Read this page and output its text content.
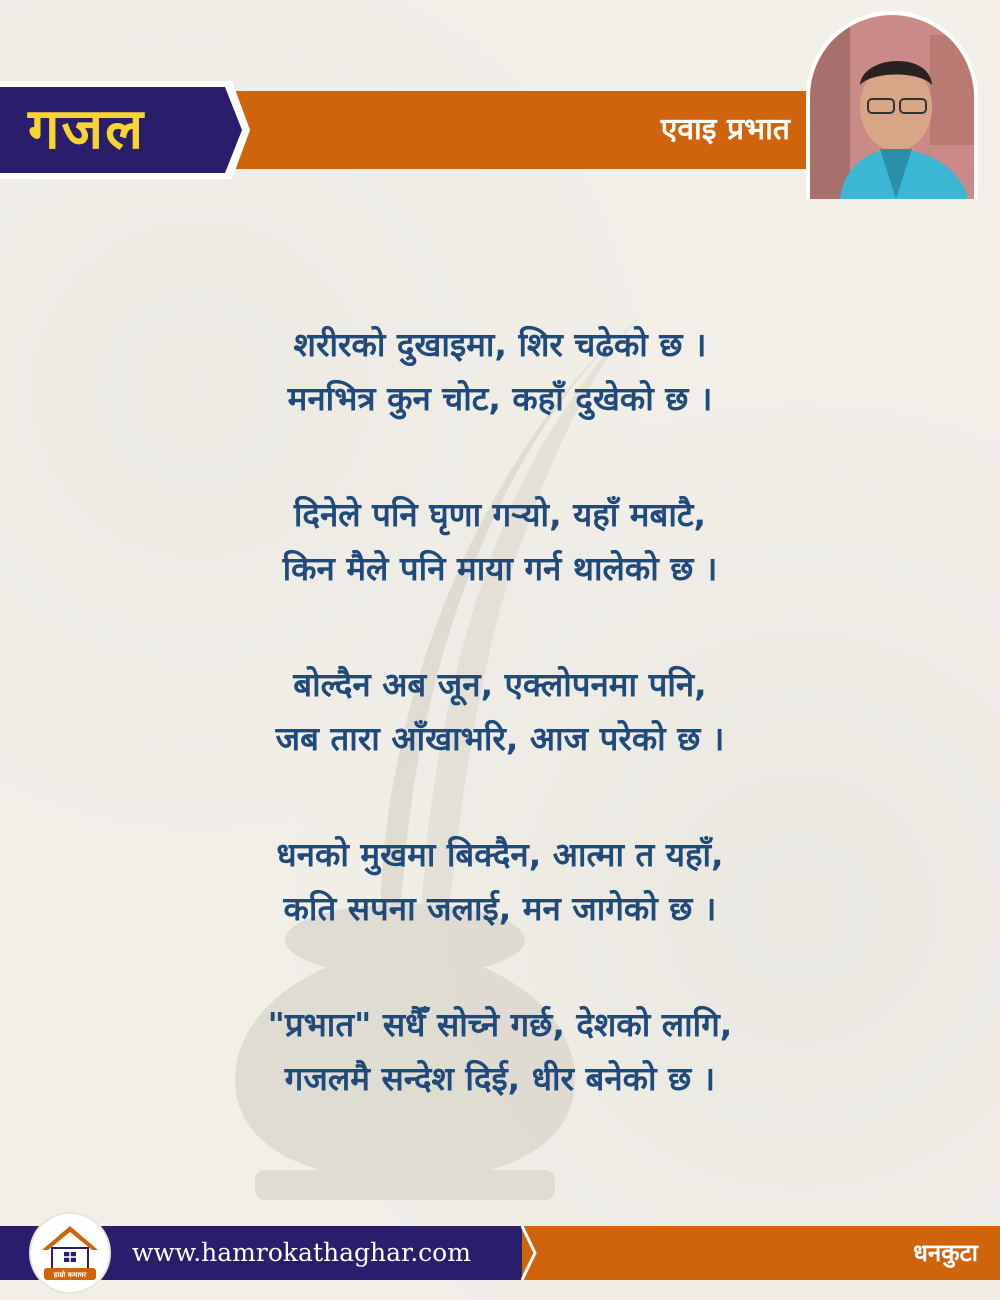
गजल	एवाइ प्रभात
शरीरको दुखाइमा, शिर चढेको छ ।
मनभित्र कुन चोट, कहाँ दुखेको छ ।
दिनेले पनि घृणा गऱ्यो, यहाँ मबाटै,
किन मैले पनि माया गर्न थालेको छ ।
बोल्दैन अब जून, एक्लोपनमा पनि,
जब तारा आँखाभरि, आज परेको छ ।
धनको मुखमा बिक्दैन, आत्मा त यहाँ,
कति सपना जलाई, मन जागेको छ ।
"प्रभात" सधैँ सोच्ने गर्छ, देशको लागि,
गजलमै सन्देश दिई, धीर बनेको छ ।
हाम्रो कथाघर
www.hamrokathaghar.com	धनकुटा
